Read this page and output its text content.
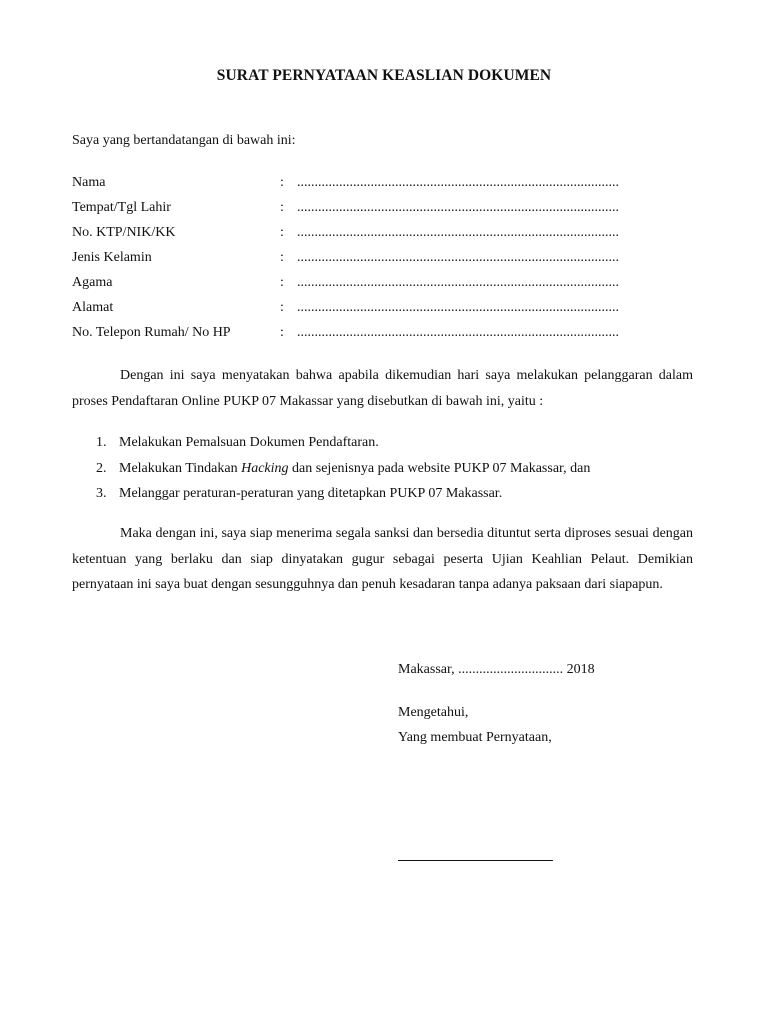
SURAT PERNYATAAN KEASLIAN DOKUMEN
Saya yang bertandatangan di bawah ini:
Nama	: ............................................................................................
Tempat/Tgl Lahir	: ............................................................................................
No. KTP/NIK/KK	: ............................................................................................
Jenis Kelamin	: ............................................................................................
Agama	: ............................................................................................
Alamat	: ............................................................................................
No. Telepon Rumah/ No HP	: ............................................................................................
Dengan ini saya menyatakan bahwa apabila dikemudian hari saya melakukan pelanggaran dalam proses Pendaftaran Online PUKP 07 Makassar yang disebutkan di bawah ini, yaitu :
1. Melakukan Pemalsuan Dokumen Pendaftaran.
2. Melakukan Tindakan Hacking dan sejenisnya pada website PUKP 07 Makassar, dan
3. Melanggar peraturan-peraturan yang ditetapkan PUKP 07 Makassar.
Maka dengan ini, saya siap menerima segala sanksi dan bersedia dituntut serta diproses sesuai dengan ketentuan yang berlaku dan siap dinyatakan gugur sebagai peserta Ujian Keahlian Pelaut. Demikian pernyataan ini saya buat dengan sesungguhnya dan penuh kesadaran tanpa adanya paksaan dari siapapun.
Makassar, .............................. 2018
Mengetahui,
Yang membuat Pernyataan,
